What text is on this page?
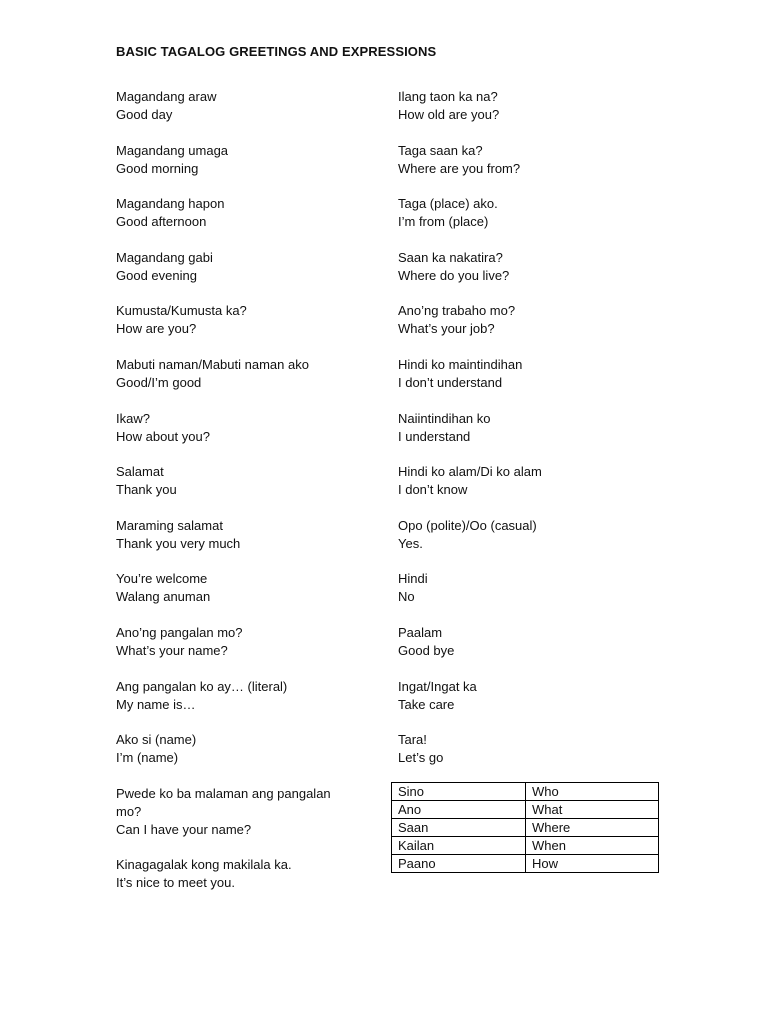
BASIC TAGALOG GREETINGS AND EXPRESSIONS
Magandang araw
Good day
Magandang umaga
Good morning
Magandang hapon
Good afternoon
Magandang gabi
Good evening
Kumusta/Kumusta ka?
How are you?
Mabuti naman/Mabuti naman ako
Good/I’m good
Ikaw?
How about you?
Salamat
Thank you
Maraming salamat
Thank you very much
You’re welcome
Walang anuman
Ano’ng pangalan mo?
What’s your name?
Ang pangalan ko ay… (literal)
My name is…
Ako si (name)
I’m (name)
Pwede ko ba malaman ang pangalan
mo?
Can I have your name?
Kinagagalak kong makilala ka.
It’s nice to meet you.
Ilang taon ka na?
How old are you?
Taga saan ka?
Where are you from?
Taga (place) ako.
I’m from (place)
Saan ka nakatira?
Where do you live?
Ano’ng trabaho mo?
What’s your job?
Hindi ko maintindihan
I don’t understand
Naiintindihan ko
I understand
Hindi ko alam/Di ko alam
I don’t know
Opo (polite)/Oo (casual)
Yes.
Hindi
No
Paalam
Good bye
Ingat/Ingat ka
Take care
Tara!
Let’s go
Sino	Who
Ano	What
Saan	Where
Kailan	When
Paano	How
